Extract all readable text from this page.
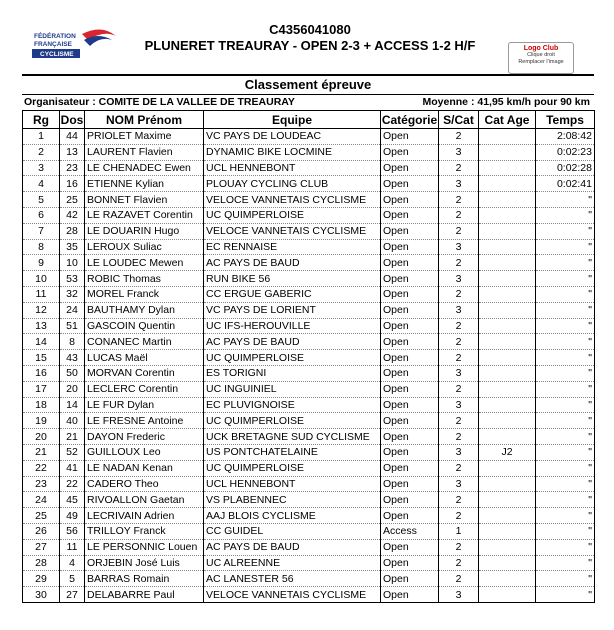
FÉDÉRATION
FRANÇAISE
CYCLISME
C4356041080
PLUNERET TREAURAY - OPEN 2-3 + ACCESS 1-2 H/F	Logo Club
Clique droit
Remplacer l'image
Classement épreuve
Organisateur : COMITE DE LA VALLEE DE TREAURAY	Moyenne : 41,95 km/h pour 90 km
Rg	Dos	NOM Prénom	Equipe	Catégorie	S/Cat	Cat Age	Temps
1	44	PRIOLET Maxime	VC PAYS DE LOUDEAC	Open	2		2:08:42
2	13	LAURENT Flavien	DYNAMIC BIKE LOCMINE	Open	3		0:02:23
3	23	LE CHENADEC Ewen	UCL HENNEBONT	Open	2		0:02:28
4	16	ETIENNE Kylian	PLOUAY CYCLING CLUB	Open	3		0:02:41
5	25	BONNET Flavien	VELOCE VANNETAIS CYCLISME	Open	2		"
6	42	LE RAZAVET Corentin	UC QUIMPERLOISE	Open	2		"
7	28	LE DOUARIN Hugo	VELOCE VANNETAIS CYCLISME	Open	2		"
8	35	LEROUX Suliac	EC RENNAISE	Open	3		"
9	10	LE LOUDEC Mewen	AC PAYS DE BAUD	Open	2		"
10	53	ROBIC Thomas	RUN BIKE 56	Open	3		"
11	32	MOREL Franck	CC ERGUE GABERIC	Open	2		"
12	24	BAUTHAMY Dylan	VC PAYS DE LORIENT	Open	3		"
13	51	GASCOIN Quentin	UC IFS-HEROUVILLE	Open	2		"
14	8	CONANEC Martin	AC PAYS DE BAUD	Open	2		"
15	43	LUCAS Maël	UC QUIMPERLOISE	Open	2		"
16	50	MORVAN Corentin	ES TORIGNI	Open	3		"
17	20	LECLERC Corentin	UC INGUINIEL	Open	2		"
18	14	LE FUR Dylan	EC PLUVIGNOISE	Open	3		"
19	40	LE FRESNE Antoine	UC QUIMPERLOISE	Open	2		"
20	21	DAYON Frederic	UCK BRETAGNE SUD CYCLISME	Open	2		"
21	52	GUILLOUX Leo	US PONTCHATELAINE	Open	3	J2	"
22	41	LE NADAN Kenan	UC QUIMPERLOISE	Open	2		"
23	22	CADERO Theo	UCL HENNEBONT	Open	3		"
24	45	RIVOALLON Gaetan	VS PLABENNEC	Open	2		"
25	49	LECRIVAIN Adrien	AAJ BLOIS CYCLISME	Open	2		"
26	56	TRILLOY Franck	CC GUIDEL	Access	1		"
27	11	LE PERSONNIC Louen	AC PAYS DE BAUD	Open	2		"
28	4	ORJEBIN José Luis	UC ALREENNE	Open	2		"
29	5	BARRAS Romain	AC LANESTER 56	Open	2		"
30	27	DELABARRE Paul	VELOCE VANNETAIS CYCLISME	Open	3		"
